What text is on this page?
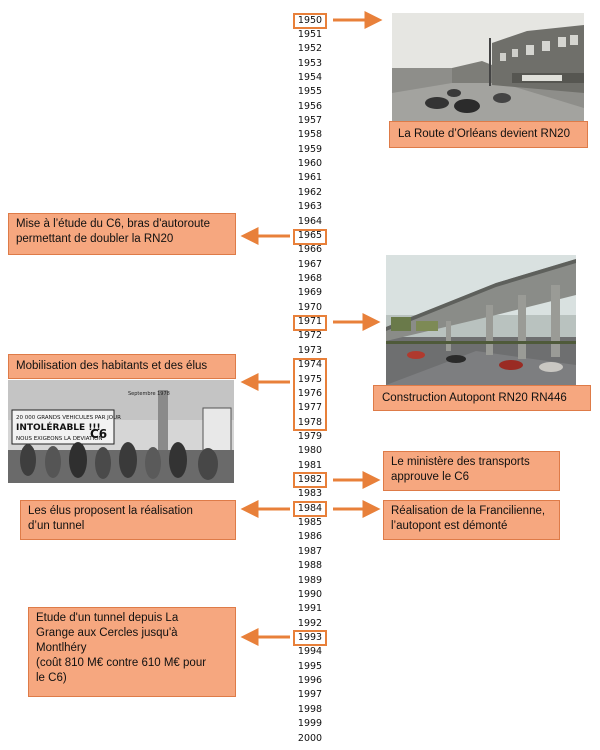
1950
1951
1952
1953
1954
1955
1956
1957
1958
1959
1960
1961
1962
1963
1964
1965
1966
1967
1968
1969
1970
1971
1972
1973
1974
1975
1976
1977
1978
1979
1980
1981
1982
1983
1984
1985
1986
1987
1988
1989
1990
1991
1992
1993
1994
1995
1996
1997
1998
1999
2000
La Route d’Orléans devient RN20
Mise à l’étude du C6, bras d'autoroute
permettant de doubler la RN20
Construction Autopont RN20 RN446
Mobilisation des habitants et des élus
20 000 GRANDS VEHICULES PAR JOUR
INTOLÉRABLE !!!
NOUS EXIGEONS LA DEVIATION
C6
Septembre 1978
Le ministère des transports
approuve le C6
Les élus proposent la réalisation
d’un tunnel
Réalisation de la Francilienne,
l’autopont est démonté
Etude d'un tunnel depuis La
Grange aux Cercles jusqu'à
Montlhéry
(coût 810 M€ contre 610 M€ pour
le C6)
